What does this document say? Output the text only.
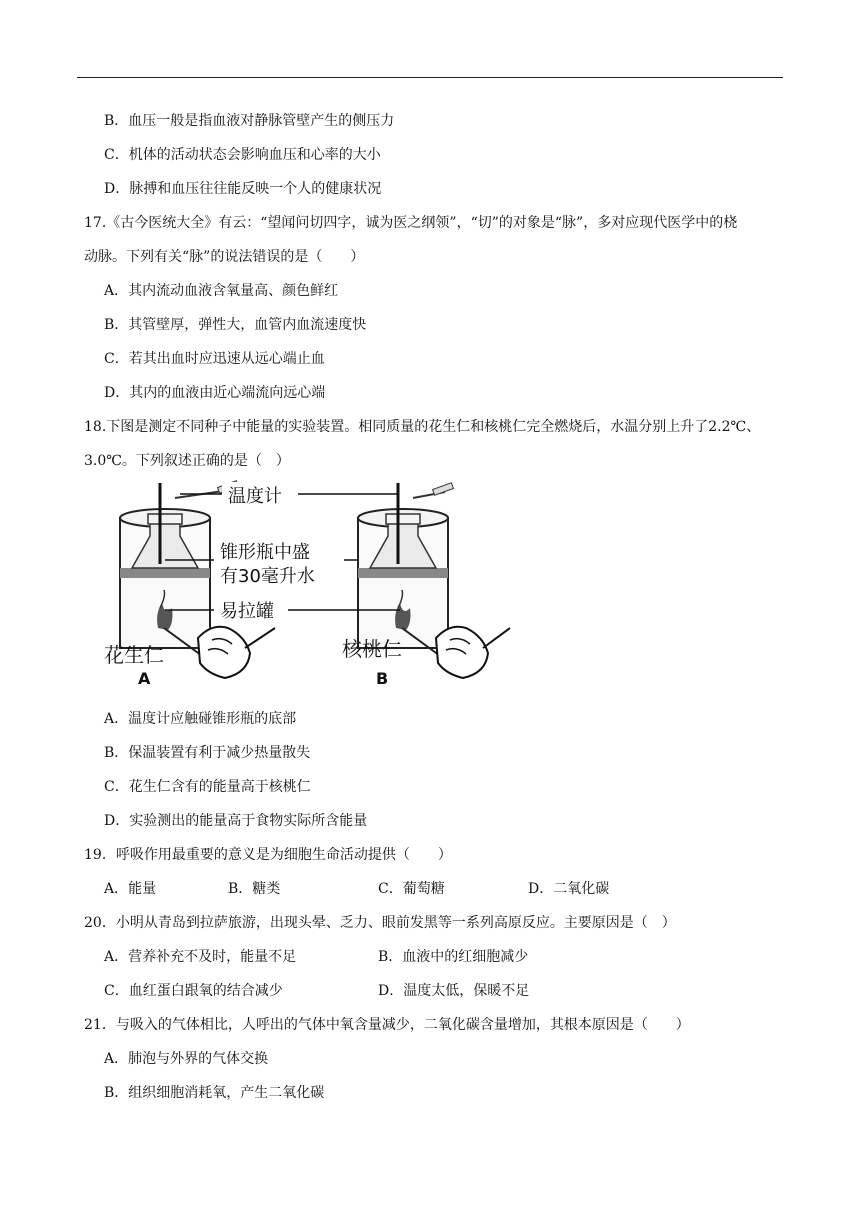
B．血压一般是指血液对静脉管壁产生的侧压力
C．机体的活动状态会影响血压和心率的大小
D．脉搏和血压往往能反映一个人的健康状况
17.《古今医统大全》有云：“望闻问切四字，诚为医之纲领”，“切”的对象是“脉”，多对应现代医学中的桡
动脉。下列有关“脉”的说法错误的是（　　）
A．其内流动血液含氧量高、颜色鲜红
B．其管壁厚，弹性大，血管内血流速度快
C．若其出血时应迅速从远心端止血
D．其内的血液由近心端流向远心端
18.下图是测定不同种子中能量的实验装置。相同质量的花生仁和核桃仁完全燃烧后，水温分别上升了2.2℃、
3.0℃。下列叙述正确的是（　）
温度计
锥形瓶中盛
有30毫升水
易拉罐
花生仁
A
核桃仁
B
A．温度计应触碰锥形瓶的底部
B．保温装置有利于减少热量散失
C．花生仁含有的能量高于核桃仁
D．实验测出的能量高于食物实际所含能量
19．呼吸作用最重要的意义是为细胞生命活动提供（　　）
A．能量	B．糖类	C．葡萄糖	D．二氧化碳
20．小明从青岛到拉萨旅游，出现头晕、乏力、眼前发黑等一系列高原反应。主要原因是（　）
A．营养补充不及时，能量不足	B．血液中的红细胞减少
C．血红蛋白跟氧的结合减少	D．温度太低，保暖不足
21．与吸入的气体相比，人呼出的气体中氧含量减少，二氧化碳含量增加，其根本原因是（　　）
A．肺泡与外界的气体交换
B．组织细胞消耗氧，产生二氧化碳
